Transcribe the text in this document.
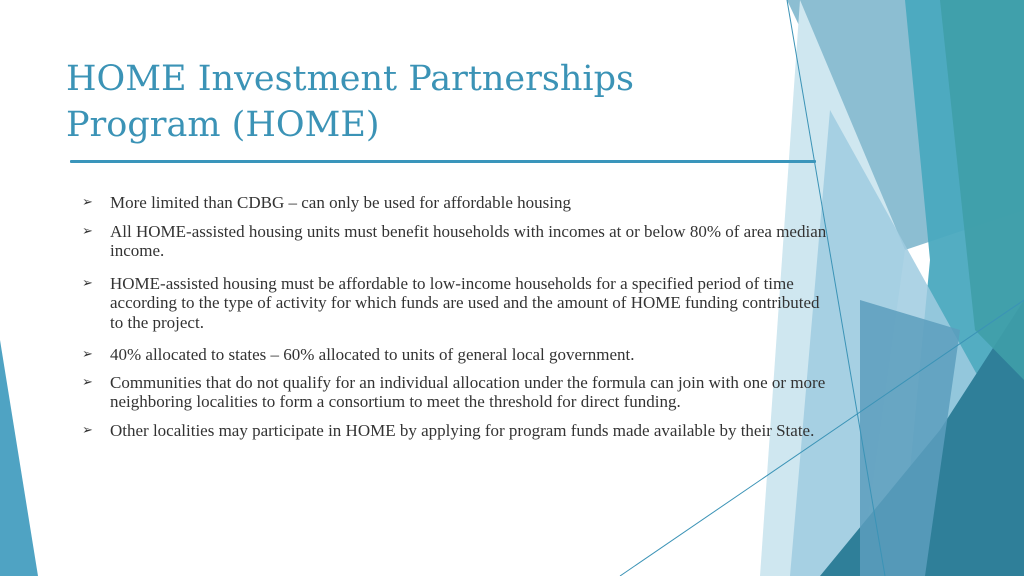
HOME Investment Partnerships Program (HOME)
➢ More limited than CDBG – can only be used for affordable housing
➢ All HOME-assisted housing units must benefit households with incomes at or below 80% of area median income.
➢ HOME-assisted housing must be affordable to low-income households for a specified period of time according to the type of activity for which funds are used and the amount of HOME funding contributed to the project.
➢ 40% allocated to states – 60% allocated to units of general local government.
➢ Communities that do not qualify for an individual allocation under the formula can join with one or more neighboring localities to form a consortium to meet the threshold for direct funding.
➢ Other localities may participate in HOME by applying for program funds made available by their State.
